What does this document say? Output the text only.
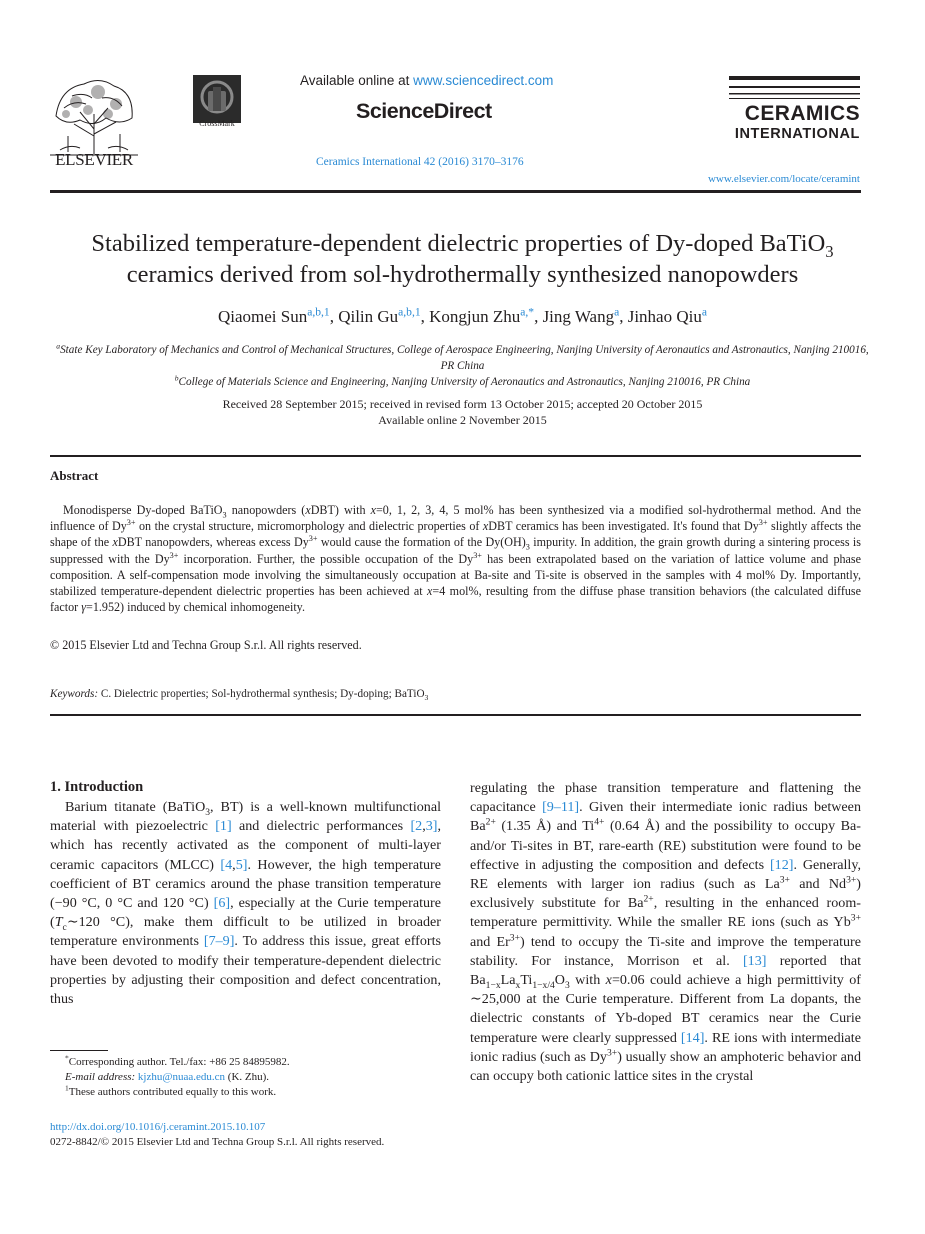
ELSEVIER
CrossMark
Available online at www.sciencedirect.com
ScienceDirect
Ceramics International 42 (2016) 3170–3176
CERAMICS
INTERNATIONAL
www.elsevier.com/locate/ceramint
Stabilized temperature-dependent dielectric properties of Dy-doped BaTiO$_3$
ceramics derived from sol-hydrothermally synthesized nanopowders
Qiaomei Sun$^{a,b,1}$, Qilin Gu$^{a,b,1}$, Kongjun Zhu$^{a,*}$, Jing Wang$^a$, Jinhao Qiu$^a$
$^a$State Key Laboratory of Mechanics and Control of Mechanical Structures, College of Aerospace Engineering, Nanjing University of Aeronautics and Astronautics, Nanjing 210016, PR China
$^b$College of Materials Science and Engineering, Nanjing University of Aeronautics and Astronautics, Nanjing 210016, PR China
Received 28 September 2015; received in revised form 13 October 2015; accepted 20 October 2015
Available online 2 November 2015
Abstract
Monodisperse Dy-doped BaTiO$_3$ nanopowders (xDBT) with x=0, 1, 2, 3, 4, 5 mol% has been synthesized via a modified sol-hydrothermal method. And the influence of $Dy^{3+}$ on the crystal structure, micromorphology and dielectric properties of xDBT ceramics has been investigated. It's found that $Dy^{3+}$ slightly affects the shape of the xDBT nanopowders, whereas excess $Dy^{3+}$ would cause the formation of the $Dy(OH)_3$ impurity. In addition, the grain growth during a sintering process is suppressed with the $Dy^{3+}$ incorporation. Further, the possible occupation of the $Dy^{3+}$ has been extrapolated based on the variation of lattice volume and phase composition. A self-compensation mode involving the simultaneously occupation at Ba-site and Ti-site is observed in the samples with 4 mol% Dy. Importantly, stabilized temperature-dependent dielectric properties has been achieved at x=4 mol%, resulting from the diffuse phase transition behaviors (the calculated diffuse factor γ=1.952) induced by chemical inhomogeneity.
© 2015 Elsevier Ltd and Techna Group S.r.l. All rights reserved.
Keywords: C. Dielectric properties; Sol-hydrothermal synthesis; Dy-doping; BaTiO$_3$
1. Introduction
Barium titanate (BaTiO$_3$, BT) is a well-known multifunctional material with piezoelectric [1] and dielectric performances [2,3], which has recently activated as the component of multi-layer ceramic capacitors (MLCC) [4,5]. However, the high temperature coefficient of BT ceramics around the phase transition temperature (−90 °C, 0 °C and 120 °C) [6], especially at the Curie temperature ($T_c\sim 120$ °C), make them difficult to be utilized in broader temperature environments [7–9]. To address this issue, great efforts have been devoted to modify their temperature-dependent dielectric properties by adjusting their composition and defect concentration, thus
regulating the phase transition temperature and flattening the capacitance [9–11]. Given their intermediate ionic radius between $Ba^{2+}$ (1.35 Å) and $Ti^{4+}$ (0.64 Å) and the possibility to occupy Ba- and/or Ti-sites in BT, rare-earth (RE) substitution were found to be effective in adjusting the composition and defects [12]. Generally, RE elements with larger ion radius (such as $La^{3+}$ and $Nd^{3+}$) exclusively substitute for $Ba^{2+}$, resulting in the enhanced room-temperature permittivity. While the smaller RE ions (such as $Yb^{3+}$ and $Er^{3+}$) tend to occupy the Ti-site and improve the temperature stability. For instance, Morrison et al. [13] reported that $Ba_{1-x}La_xTi_{1-x/4}O_3$ with x=0.06 could achieve a high permittivity of ∼25,000 at the Curie temperature. Different from La dopants, the dielectric constants of Yb-doped BT ceramics near the Curie temperature were clearly suppressed [14]. RE ions with intermediate ionic radius (such as $Dy^{3+}$) usually show an amphoteric behavior and can occupy both cationic lattice sites in the crystal
*Corresponding author. Tel./fax: +86 25 84895982.
E-mail address: kjzhu@nuaa.edu.cn (K. Zhu).
$^1$These authors contributed equally to this work.
http://dx.doi.org/10.1016/j.ceramint.2015.10.107
0272-8842/© 2015 Elsevier Ltd and Techna Group S.r.l. All rights reserved.
